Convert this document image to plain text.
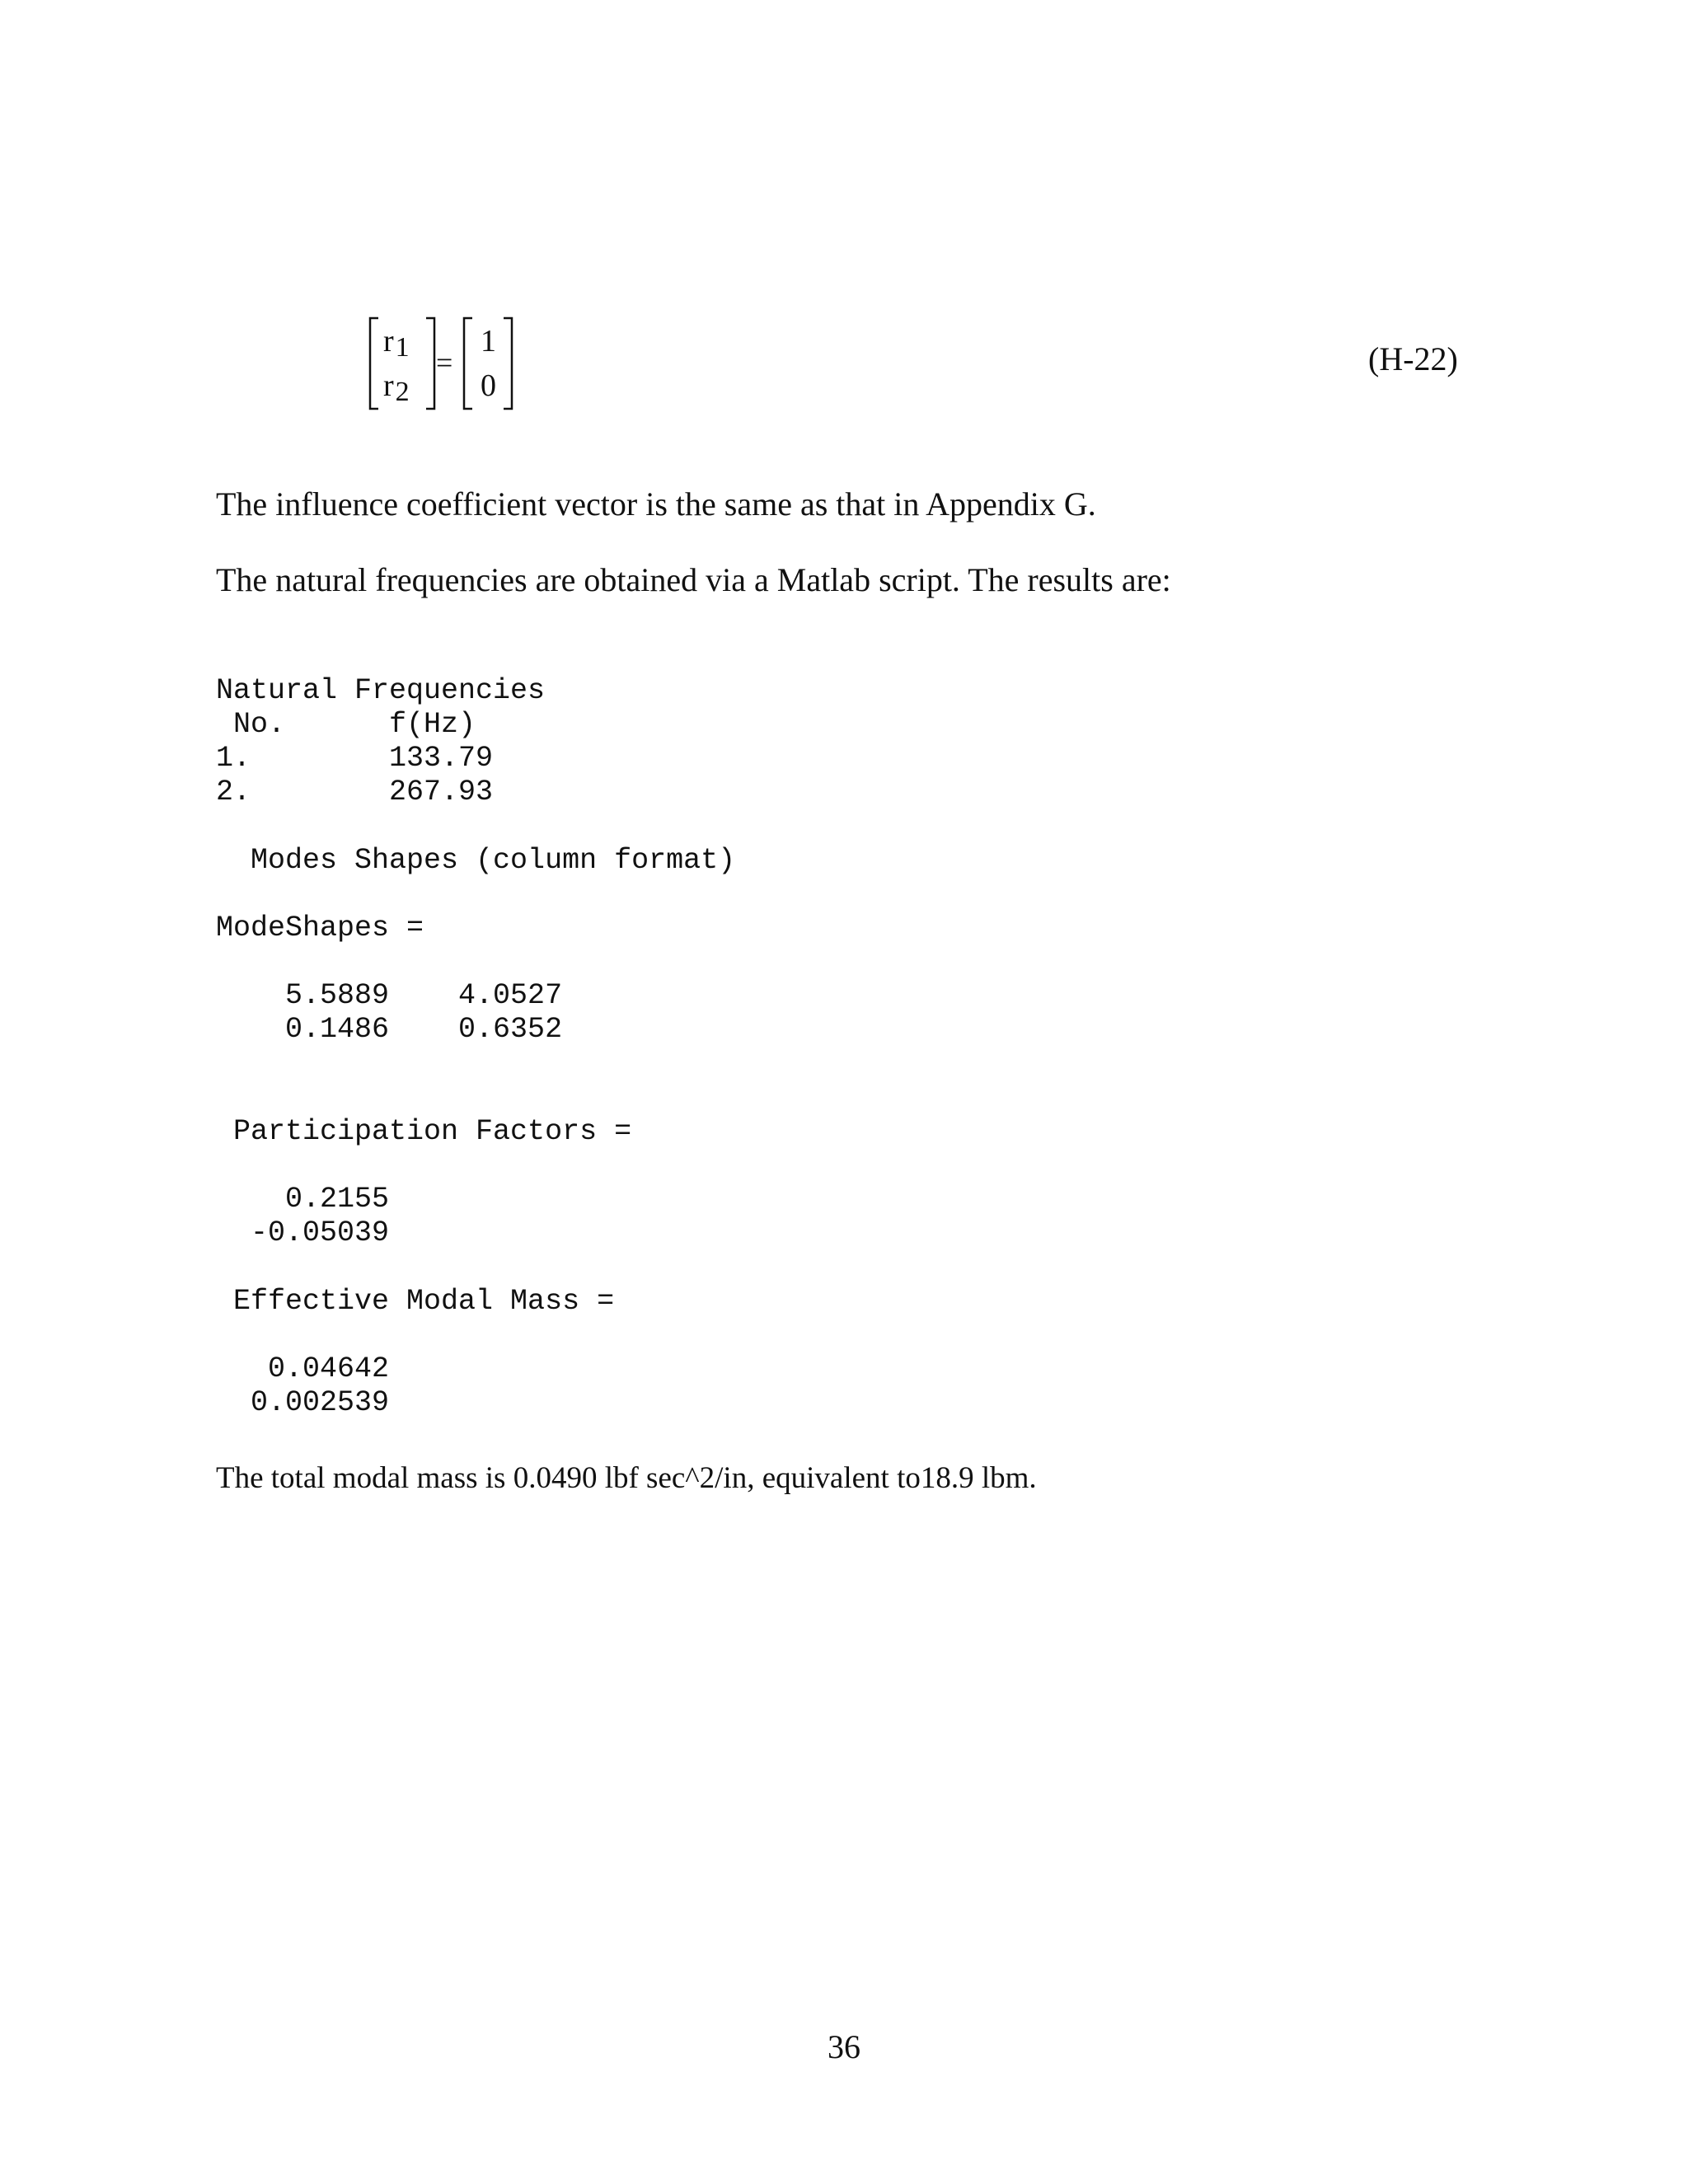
r1
r2
=
1
0
(H-22)
The influence coefficient vector is the same as that in Appendix G.
The natural frequencies are obtained via a Matlab script. The results are:
Natural Frequencies
No.      f(Hz)
1.        133.79
2.        267.93
Modes Shapes (column format)
ModeShapes =
5.5889    4.0527
0.1486    0.6352
Participation Factors =
0.2155
-0.05039
Effective Modal Mass =
0.04642
0.002539
The total modal mass is 0.0490 lbf sec^2/in, equivalent to18.9 lbm.
36
